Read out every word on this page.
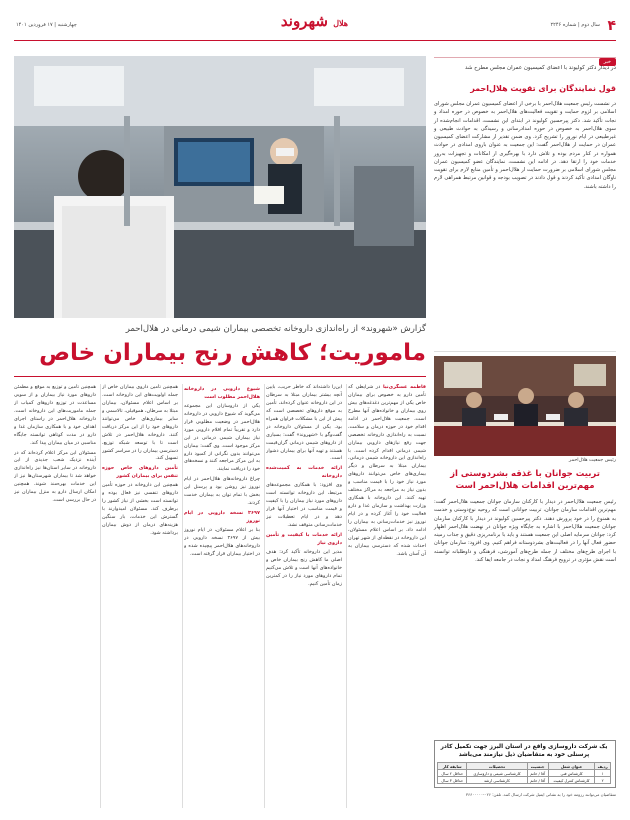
۴
سال دوم | شماره ۲۲۴۶
هلال شهروند
چهارشنبه | ۱۷ فروردین ۱۴۰۱
خبر
در دیدار دکتر کولیوند با اعضای کمیسیون عمران مجلس مطرح شد
قول نمایندگان برای تقویت هلال‌احمر
در نشست رئیس جمعیت هلال‌احمر با برخی از اعضای کمیسیون عمران مجلس شورای اسلامی بر لزوم حمایت و تقویت فعالیت‌های هلال‌احمر به خصوص در حوزه امداد و نجات تأکید شد. دکتر پیرحسین کولیوند در ابتدای این نشست، اقدامات انجام‌شده از سوی هلال‌احمر به خصوص در حوزه امدادرسانی و رسیدگی به حوادث طبیعی و غیرطبیعی در ایام نوروز را تشریح کرد. وی ضمن تقدیر از مشارکت اعضای کمیسیون عمران در حمایت از هلال‌احمر گفت: این جمعیت به عنوان بازوی امدادی در حوادث همواره در کنار مردم بوده و تلاش دارد با بهره‌گیری از امکانات و تجهیزات به‌روز خدمات خود را ارتقا دهد. در ادامه این نشست، نمایندگان عضو کمیسیون عمران مجلس شورای اسلامی بر ضرورت حمایت از هلال‌احمر و تأمین منابع لازم برای تقویت ناوگان امدادی تأکید کردند و قول دادند در تصویب بودجه و قوانین مرتبط همراهی لازم را داشته باشند.
رئیس جمعیت هلال‌احمر
تربیت جوانان با غذقه بشردوستی از مهم‌ترین اقدامات هلال‌احمر است
رئیس جمعیت هلال‌احمر در دیدار با کارکنان سازمان جوانان جمعیت هلال‌احمر گفت: مهم‌ترین اقدامات سازمان جوانان، تربیت جوانانی است که روحیه نوع‌دوستی و خدمت به همنوع را در خود پرورش دهند. دکتر پیرحسین کولیوند در دیدار با کارکنان سازمان جوانان جمعیت هلال‌احمر با اشاره به جایگاه ویژه جوانان در نهضت هلال‌احمر اظهار کرد: جوانان سرمایه اصلی این جمعیت هستند و باید با برنامه‌ریزی دقیق و جذاب زمینه حضور فعال آنها را در فعالیت‌های بشردوستانه فراهم کنیم. وی افزود: سازمان جوانان با اجرای طرح‌های مختلف از جمله طرح‌های آموزشی، فرهنگی و داوطلبانه توانسته است نقش مؤثری در ترویج فرهنگ امداد و نجات در جامعه ایفا کند.
یک شرکت داروسازی واقع در استان البرز جهت تکمیل کادر پرسنلی خود به متقاضیان ذیل نیازمند می‌باشد
ردیف	عنوان شغل	جنسیت	تحصیلات	سابقه کار
۱	کارشناس فنی	آقا / خانم	کارشناسی شیمی و داروسازی	حداقل ۲ سال
۲	کارشناس کنترل کیفیت	آقا / خانم	کارشناسی ارشد	حداقل ۳ سال
متقاضیان می‌توانند رزومه خود را به نشانی ایمیل شرکت ارسال کنند. تلفن: ۰۲۶-۳۶۶۰۰۰۰۰
گزارش «شهروند» از راه‌اندازی داروخانه تخصصی بیماران شیمی درمانی در هلال‌احمر
ماموریت؛ کاهش رنج بیماران خاص
فاطمه عسگری‌نیا در شرایطی که تأمین دارو به خصوص برای بیماران خاص یکی از مهم‌ترین دغدغه‌های بیش روی بیماران و خانواده‌های آنها مطرح است، جمعیت هلال‌احمر در ادامه اقدام خود در حوزه درمان و سلامت، نسبت به راه‌اندازی داروخانه تخصصی جهت رفع نیازهای دارویی بیماران شیمی درمانی اقدام کرده است. با راه‌اندازی این داروخانه شیمی درمانی، بیماران مبتلا به سرطان و دیگر بیماری‌های خاص می‌توانند داروهای مورد نیاز خود را با قیمت مناسب و بدون نیاز به مراجعه به مراکز مختلف تهیه کنند. این داروخانه با همکاری وزارت بهداشت و سازمان غذا و دارو فعالیت خود را آغاز کرده و در ایام نوروز نیز خدمات‌رسانی به بیماران را ادامه داد. بر اساس اعلام مسئولان، این داروخانه در نقطه‌ای از شهر تهران احداث شده که دسترسی بیماران به آن آسان باشد.
این‌را داشته‌اند که خاطر حریب، بایین آنچه بیشتر بیماران مبتلا به سرطان در این داروخانه عنوان کرده‌اند، تأمین به موقع داروهای تخصصی است که پیش از این با مشکلات فراوان همراه بود. یکی از مسئولان داروخانه در گفت‌وگو با «شهروند» گفت: بسیاری از داروهای شیمی درمانی گران‌قیمت هستند و تهیه آنها برای بیماران دشوار است.
ارائه خدمات به کمیت‌شده داروخانه
وی افزود: با همکاری مجموعه‌های مرتبط، این داروخانه توانسته است داروهای مورد نیاز بیماران را با کیفیت و قیمت مناسب در اختیار آنها قرار دهد و در ایام تعطیلات نیز خدمات‌رسانی متوقف نشد.
ارائه خدمات با کیفیت و تأمین داروی نیاز
مدیر این داروخانه تأکید کرد: هدف اصلی ما کاهش رنج بیماران خاص و خانواده‌های آنها است و تلاش می‌کنیم تمام داروهای مورد نیاز را در کمترین زمان تأمین کنیم.
شیوع دارویی در داروخانه هلال‌احمر مطلوب است
یکی از داروسازان این مجموعه می‌گوید که شیوع دارویی در داروخانه هلال‌احمر در وضعیت مطلوبی قرار دارد و تقریباً تمام اقلام دارویی مورد نیاز بیماران شیمی درمانی در این مرکز موجود است. وی گفت: بیماران می‌توانند بدون نگرانی از کمبود دارو به این مرکز مراجعه کنند و نسخه‌های خود را دریافت نمایند.
چراغ داروخانه‌های هلال‌احمر در ایام نوروز نیز روشن بود و پرسنل این بخش با تمام توان به بیماران خدمت کردند.
۴۶۹۷ نسخه دارویی در ایام نوروز
بنا بر اعلام مسئولان، در ایام نوروز بیش از ۴۶۹۷ نسخه دارویی در داروخانه‌های هلال‌احمر پیچیده شده و در اختیار بیماران قرار گرفته است.
همچنین تأمین داروی بیماران خاص از جمله اولویت‌های این داروخانه است. بر اساس اعلام مسئولان، بیماران مبتلا به سرطان، هموفیلی، تالاسمی و سایر بیماری‌های خاص می‌توانند داروهای خود را از این مرکز دریافت کنند. داروخانه هلال‌احمر در تلاش است تا با توسعه شبکه توزیع، دسترسی بیماران را در سراسر کشور تسهیل کند.
تأمین داروهای خاص حوزه تنفس برای بیماران کشور
همچنین این داروخانه در حوزه تأمین داروهای تنفسی نیز فعال بوده و توانسته است بخشی از نیاز کشور را برطرف کند. مسئولان امیدوارند با گسترش این خدمات، بار سنگین هزینه‌های درمان از دوش بیماران برداشته شود.
همچنین تأمین و توزیع به موقع و مطمئن داروهای مورد نیاز بیماران و از سویی مساعدت در توزیع داروهای کمیاب از جمله ماموریت‌های این داروخانه است. داروخانه هلال‌احمر در راستای اجرای اهداف خود و با همکاری سازمان غذا و دارو در مدت کوتاهی توانسته جایگاه مناسبی در میان بیماران پیدا کند.
مسئولان این مرکز اعلام کرده‌اند که در آینده نزدیک شعب جدیدی از این داروخانه در سایر استان‌ها نیز راه‌اندازی خواهد شد تا بیماران شهرستان‌ها نیز از این خدمات بهره‌مند شوند. همچنین امکان ارسال دارو به منزل بیماران نیز در حال بررسی است.
